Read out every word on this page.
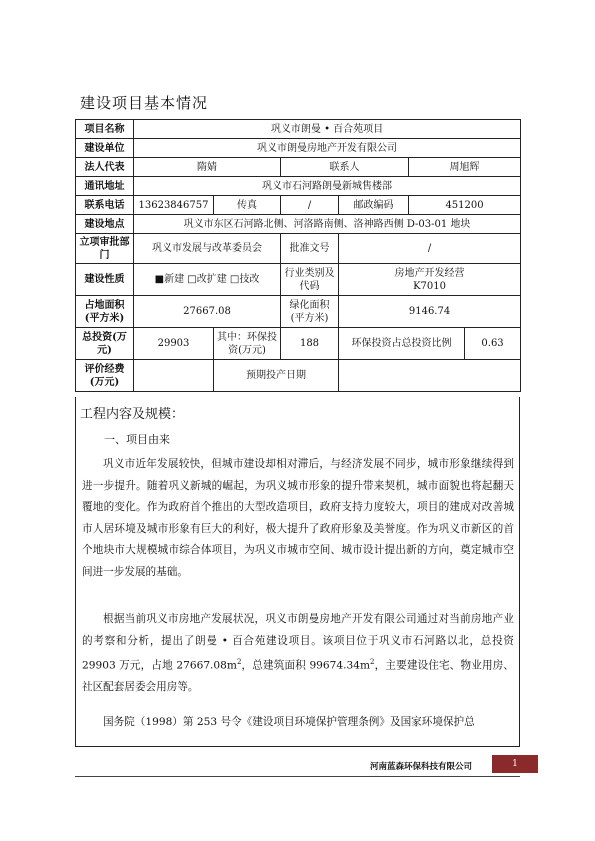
建设项目基本情况
项目名称	巩义市朗曼 • 百合苑项目					
建设单位	巩义市朗曼房地产开发有限公司					
法人代表	隋婧		联系人		周旭辉	
通讯地址	巩义市石河路朗曼新城售楼部					
联系电话	13623846757	传真	/	邮政编码	451200	
建设地点	巩义市东区石河路北侧、河洛路南侧、洛神路西侧 D-03-01 地块					
立项审批部门	巩义市发展与改革委员会		批准文号	/		
建设性质	■新建 □改扩建 □技改		行业类别及代码	房地产开发经营
K7010		

占地面积(平方米)	27667.08		绿化面积(平方米)	9146.74		
总投资(万元)	29903	其中：环保投资(万元)	188	环保投资占总投资比例		0.63
评价经费(万元)		预期投产日期				
工程内容及规模：
一、项目由来
巩义市近年发展较快，但城市建设却相对滞后，与经济发展不同步，城市形象继续得到进一步提升。随着巩义新城的崛起，为巩义城市形象的提升带来契机，城市面貌也将起翻天覆地的变化。作为政府首个推出的大型改造项目，政府支持力度较大，项目的建成对改善城市人居环境及城市形象有巨大的利好，极大提升了政府形象及美誉度。作为巩义市新区的首个地块市大规模城市综合体项目，为巩义市城市空间、城市设计提出新的方向，奠定城市空间进一步发展的基础。
根据当前巩义市房地产发展状况，巩义市朗曼房地产开发有限公司通过对当前房地产业的考察和分析，提出了朗曼 • 百合苑建设项目。该项目位于巩义市石河路以北，总投资 29903 万元，占地 $27667.08m^2$，总建筑面积 $99674.34m^2$，主要建设住宅、物业用房、社区配套居委会用房等。
国务院（1998）第 253 号令《建设项目环境保护管理条例》及国家环境保护总
河南蓝森环保科技有限公司	1
